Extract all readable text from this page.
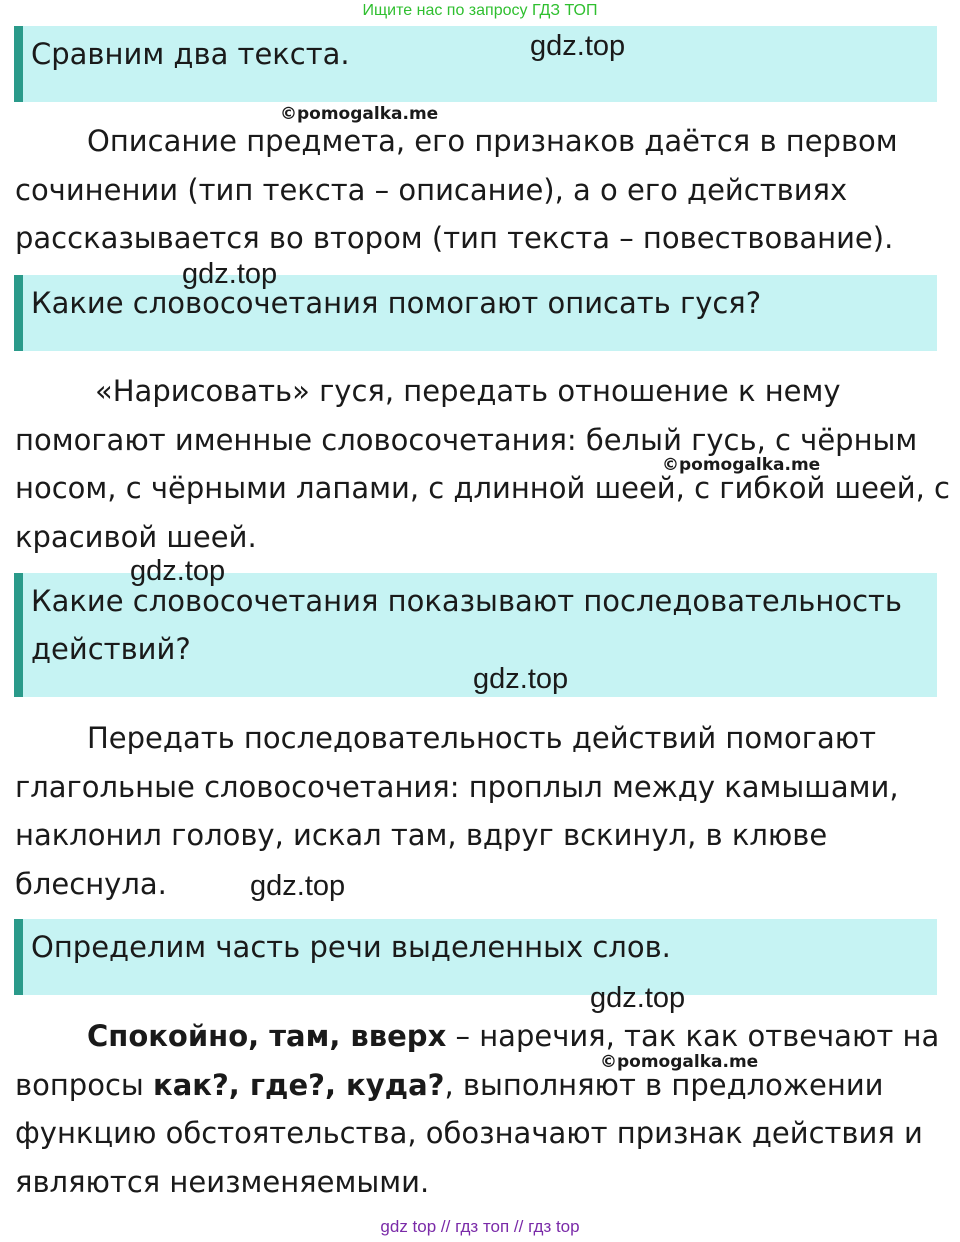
Ищите нас по запросу ГДЗ ТОП
Сравним два текста.
Описание предмета, его признаков даётся в первом сочинении (тип текста – описание), а о его действиях рассказывается во втором (тип текста – повествование).
Какие словосочетания помогают описать гуся?
«Нарисовать» гуся, передать отношение к нему помогают именные словосочетания: белый гусь, с чёрным носом, с чёрными лапами, с длинной шеей, с гибкой шеей, с красивой шеей.
Какие словосочетания показывают последовательность действий?
Передать последовательность действий помогают глагольные словосочетания: проплыл между камышами, наклонил голову, искал там, вдруг вскинул, в клюве блеснула.
Определим часть речи выделенных слов.
Спокойно, там, вверх – наречия, так как отвечают на вопросы как?, где?, куда?, выполняют в предложении функцию обстоятельства, обозначают признак действия и являются неизменяемыми.
gdz.top
©pomogalka.me
gdz.top
©pomogalka.me
gdz.top
gdz.top
gdz.top
gdz.top
©pomogalka.me
gdz top // гдз топ // гдз top
